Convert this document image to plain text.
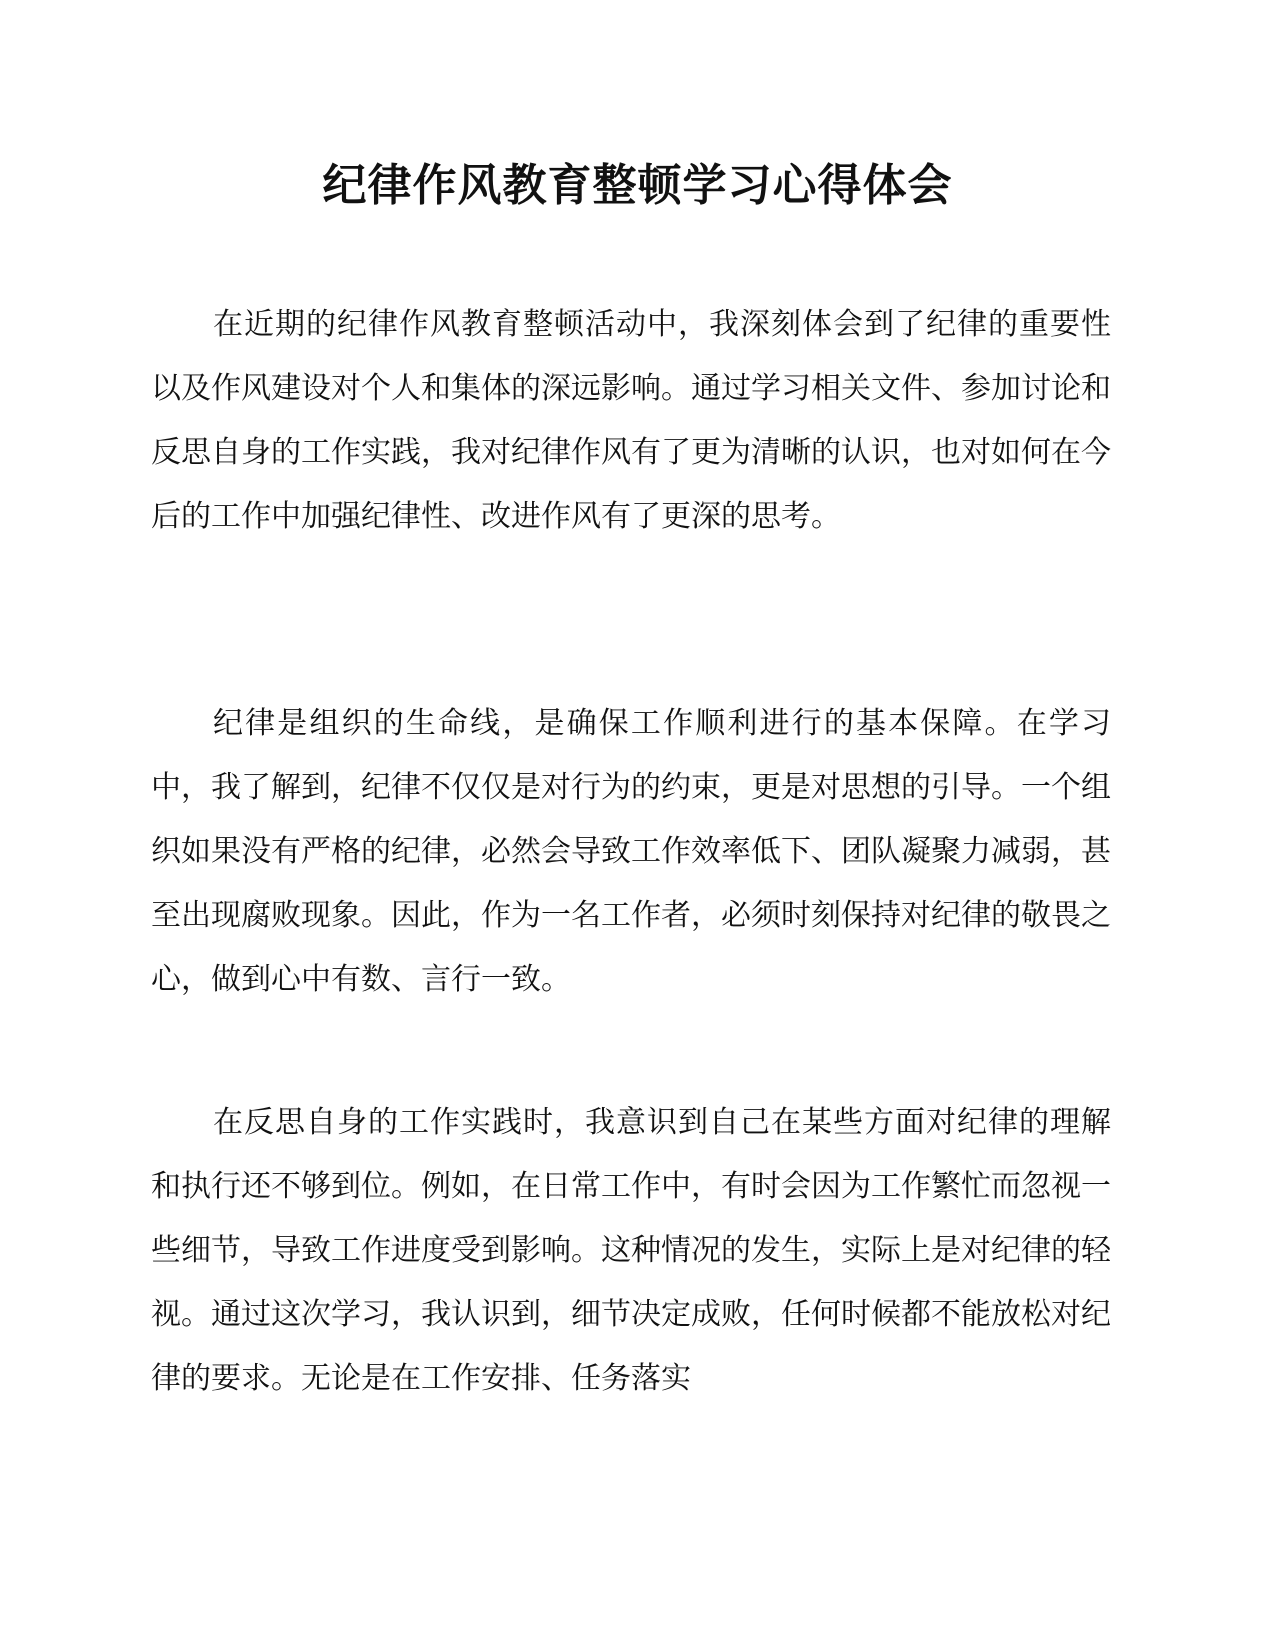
纪律作风教育整顿学习心得体会

在近期的纪律作风教育整顿活动中，我深刻体会到了纪律的重要性以及作风建设对个人和集体的深远影响。通过学习相关文件、参加讨论和反思自身的工作实践，我对纪律作风有了更为清晰的认识，也对如何在今后的工作中加强纪律性、改进作风有了更深的思考。

纪律是组织的生命线，是确保工作顺利进行的基本保障。在学习中，我了解到，纪律不仅仅是对行为的约束，更是对思想的引导。一个组织如果没有严格的纪律，必然会导致工作效率低下、团队凝聚力减弱，甚至出现腐败现象。因此，作为一名工作者，必须时刻保持对纪律的敬畏之心，做到心中有数、言行一致。

在反思自身的工作实践时，我意识到自己在某些方面对纪律的理解和执行还不够到位。例如，在日常工作中，有时会因为工作繁忙而忽视一些细节，导致工作进度受到影响。这种情况的发生，实际上是对纪律的轻视。通过这次学习，我认识到，细节决定成败，任何时候都不能放松对纪律的要求。无论是在工作安排、任务落实
